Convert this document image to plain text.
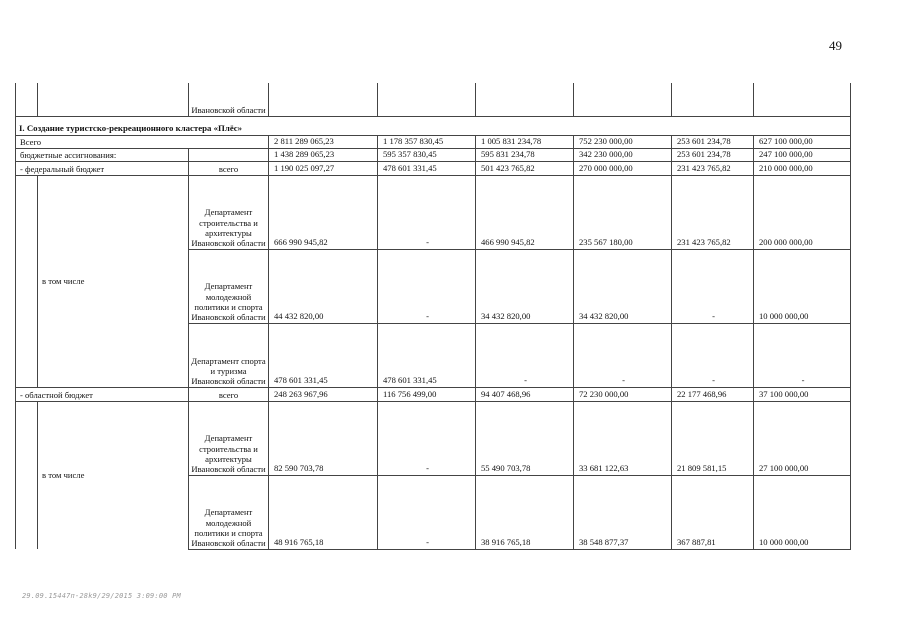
49
		Ивановской области						
I. Создание туристско-рекреационного кластера «Плёс»								
Всего			2 811 289 065,23	1 178 357 830,45	1 005 831 234,78	752 230 000,00	253 601 234,78	627 100 000,00
бюджетные ассигнования:			1 438 289 065,23	595 357 830,45	595 831 234,78	342 230 000,00	253 601 234,78	247 100 000,00
- федеральный бюджет		всего	1 190 025 097,27	478 601 331,45	501 423 765,82	270 000 000,00	231 423 765,82	210 000 000,00
	в том числе	Департамент строительства и архитектуры Ивановской области	666 990 945,82	-	466 990 945,82	235 567 180,00	231 423 765,82	200 000 000,00
		Департамент молодежной политики и спорта Ивановской области	44 432 820,00	-	34 432 820,00	34 432 820,00	-	10 000 000,00
		Департамент спорта и туризма Ивановской области	478 601 331,45	478 601 331,45	-	-	-	-
- областной бюджет		всего	248 263 967,96	116 756 499,00	94 407 468,96	72 230 000,00	22 177 468,96	37 100 000,00
	в том числе	Департамент строительства и архитектуры Ивановской области	82 590 703,78	-	55 490 703,78	33 681 122,63	21 809 581,15	27 100 000,00
		Департамент молодежной политики и спорта Ивановской области	48 916 765,18	-	38 916 765,18	38 548 877,37	367 887,81	10 000 000,00
29.09.15447п-28k9/29/2015 3:09:00 PM
